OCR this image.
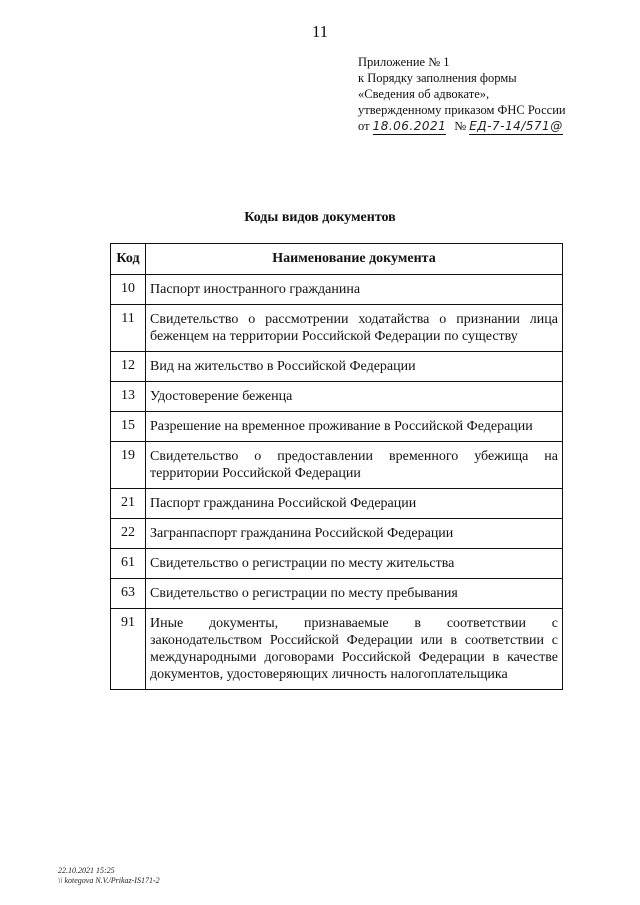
11
Приложение № 1
к Порядку заполнения формы
«Сведения об адвокате»,
утвержденному приказом ФНС России
от 18.06.2021 № ЕД-7-14/571@
Коды видов документов
Код	Наименование документа
10	Паспорт иностранного гражданина
11	Свидетельство о рассмотрении ходатайства о признании лица беженцем на территории Российской Федерации по существу
12	Вид на жительство в Российской Федерации
13	Удостоверение беженца
15	Разрешение на временное проживание в Российской Федерации
19	Свидетельство о предоставлении временного убежища на территории Российской Федерации
21	Паспорт гражданина Российской Федерации
22	Загранпаспорт гражданина Российской Федерации
61	Свидетельство о регистрации по месту жительства
63	Свидетельство о регистрации по месту пребывания
91	Иные документы, признаваемые в соответствии с законодательством Российской Федерации или в соответствии с международными договорами Российской Федерации в качестве документов, удостоверяющих личность налогоплательщика
22.10.2021 15:25
\\ kotegova N.V./Prikaz-IS171-2
